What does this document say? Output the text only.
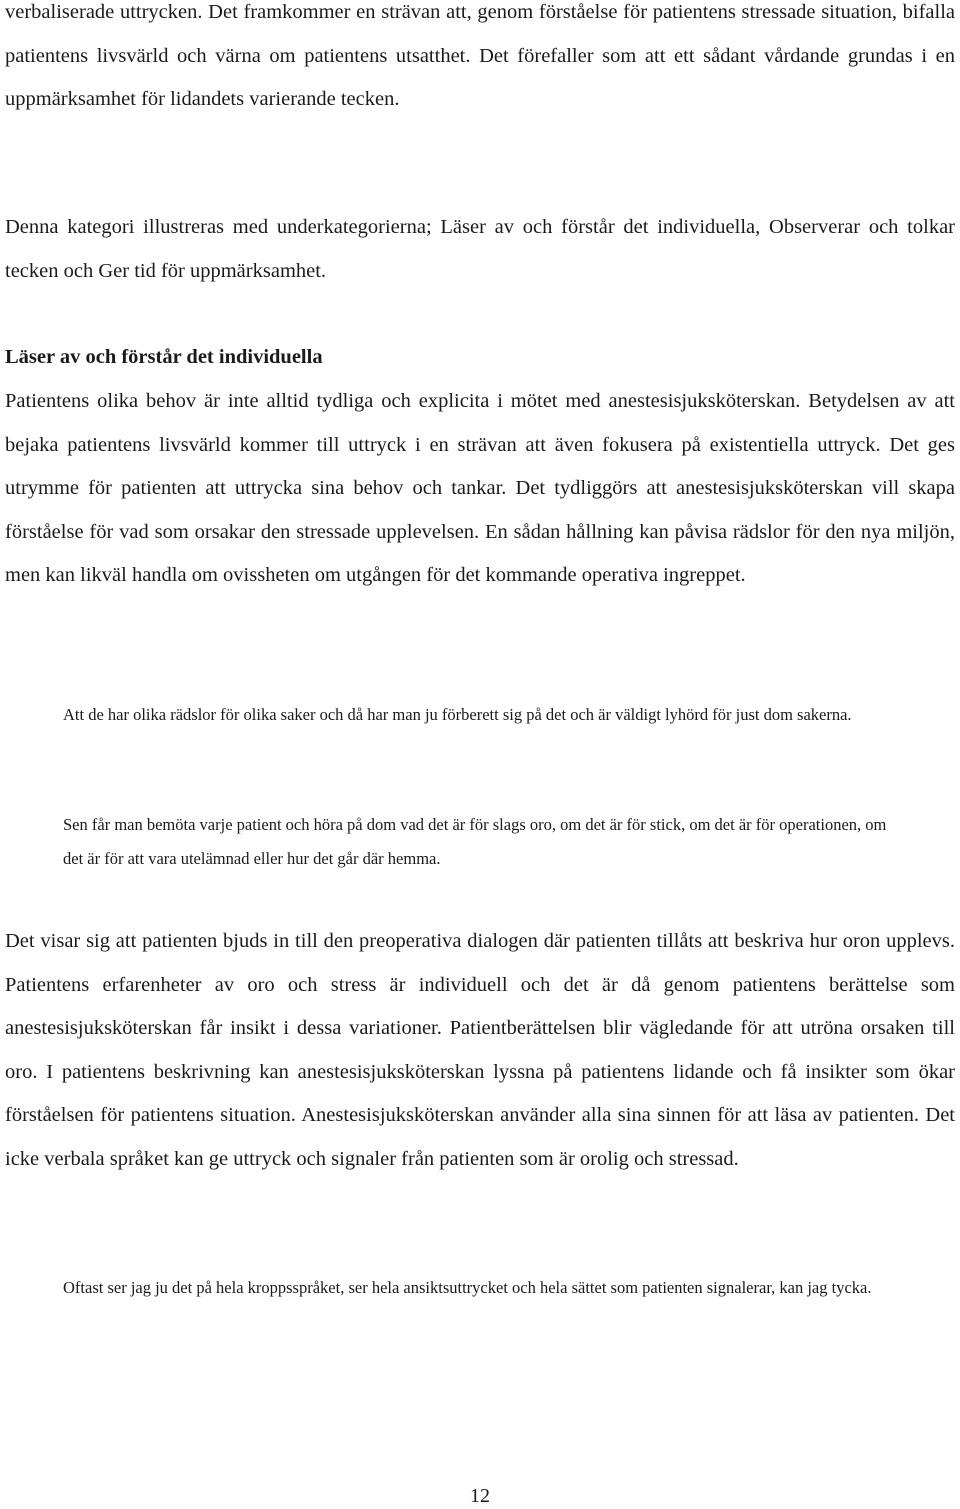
verbaliserade uttrycken. Det framkommer en strävan att, genom förståelse för patientens stressade situation, bifalla patientens livsvärld och värna om patientens utsatthet. Det förefaller som att ett sådant vårdande grundas i en uppmärksamhet för lidandets varierande tecken.

Denna kategori illustreras med underkategorierna; Läser av och förstår det individuella, Observerar och tolkar tecken och Ger tid för uppmärksamhet.

Läser av och förstår det individuella

Patientens olika behov är inte alltid tydliga och explicita i mötet med anestesisjuksköterskan. Betydelsen av att bejaka patientens livsvärld kommer till uttryck i en strävan att även fokusera på existentiella uttryck. Det ges utrymme för patienten att uttrycka sina behov och tankar. Det tydliggörs att anestesisjuksköterskan vill skapa förståelse för vad som orsakar den stressade upplevelsen. En sådan hållning kan påvisa rädslor för den nya miljön, men kan likväl handla om ovissheten om utgången för det kommande operativa ingreppet.

Att de har olika rädslor för olika saker och då har man ju förberett sig på det och är väldigt lyhörd för just dom sakerna.

Sen får man bemöta varje patient och höra på dom vad det är för slags oro, om det är för stick, om det är för operationen, om det är för att vara utelämnad eller hur det går där hemma.

Det visar sig att patienten bjuds in till den preoperativa dialogen där patienten tillåts att beskriva hur oron upplevs. Patientens erfarenheter av oro och stress är individuell och det är då genom patientens berättelse som anestesisjuksköterskan får insikt i dessa variationer. Patientberättelsen blir vägledande för att utröna orsaken till oro. I patientens beskrivning kan anestesisjuksköterskan lyssna på patientens lidande och få insikter som ökar förståelsen för patientens situation. Anestesisjuksköterskan använder alla sina sinnen för att läsa av patienten. Det icke verbala språket kan ge uttryck och signaler från patienten som är orolig och stressad.

Oftast ser jag ju det på hela kroppsspråket, ser hela ansiktsuttrycket och hela sättet som patienten signalerar, kan jag tycka.

12
